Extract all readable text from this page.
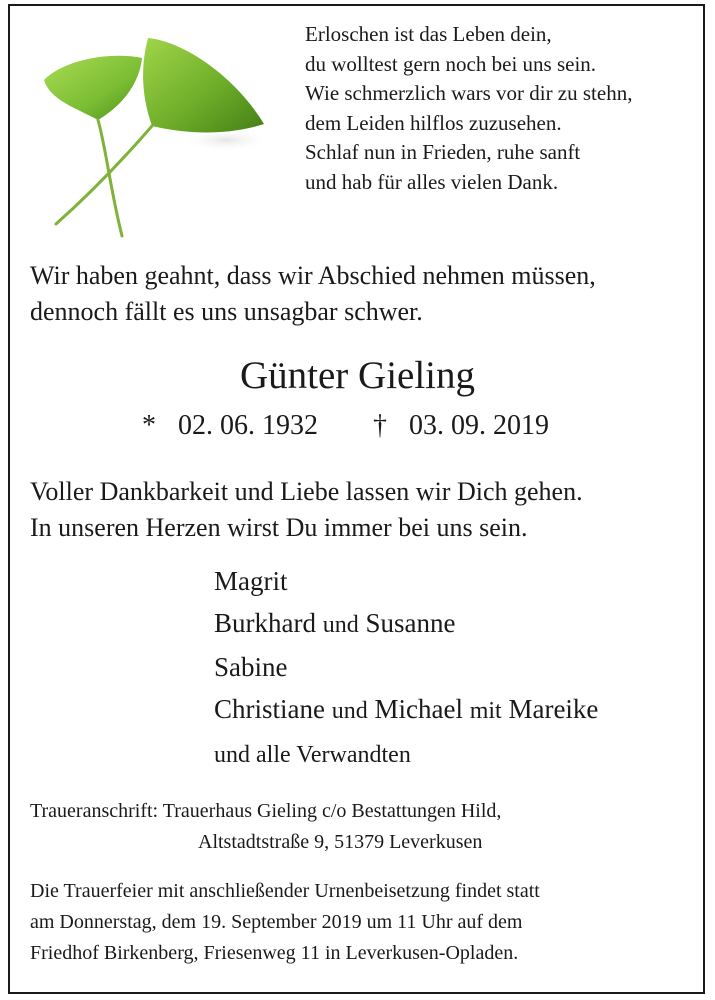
Erloschen ist das Leben dein,
du wolltest gern noch bei uns sein.
Wie schmerzlich wars vor dir zu stehn,
dem Leiden hilflos zuzusehen.
Schlaf nun in Frieden, ruhe sanft
und hab für alles vielen Dank.
Wir haben geahnt, dass wir Abschied nehmen müssen,
dennoch fällt es uns unsagbar schwer.
Günter Gieling
* 02. 06. 1932 † 03. 09. 2019
Voller Dankbarkeit und Liebe lassen wir Dich gehen.
In unseren Herzen wirst Du immer bei uns sein.
Magrit
Burkhard und Susanne
Sabine
Christiane und Michael mit Mareike
und alle Verwandten
Traueranschrift: Trauerhaus Gieling c/o Bestattungen Hild,
Altstadtstraße 9, 51379 Leverkusen
Die Trauerfeier mit anschließender Urnenbeisetzung findet statt
am Donnerstag, dem 19. September 2019 um 11 Uhr auf dem
Friedhof Birkenberg, Friesenweg 11 in Leverkusen-Opladen.
